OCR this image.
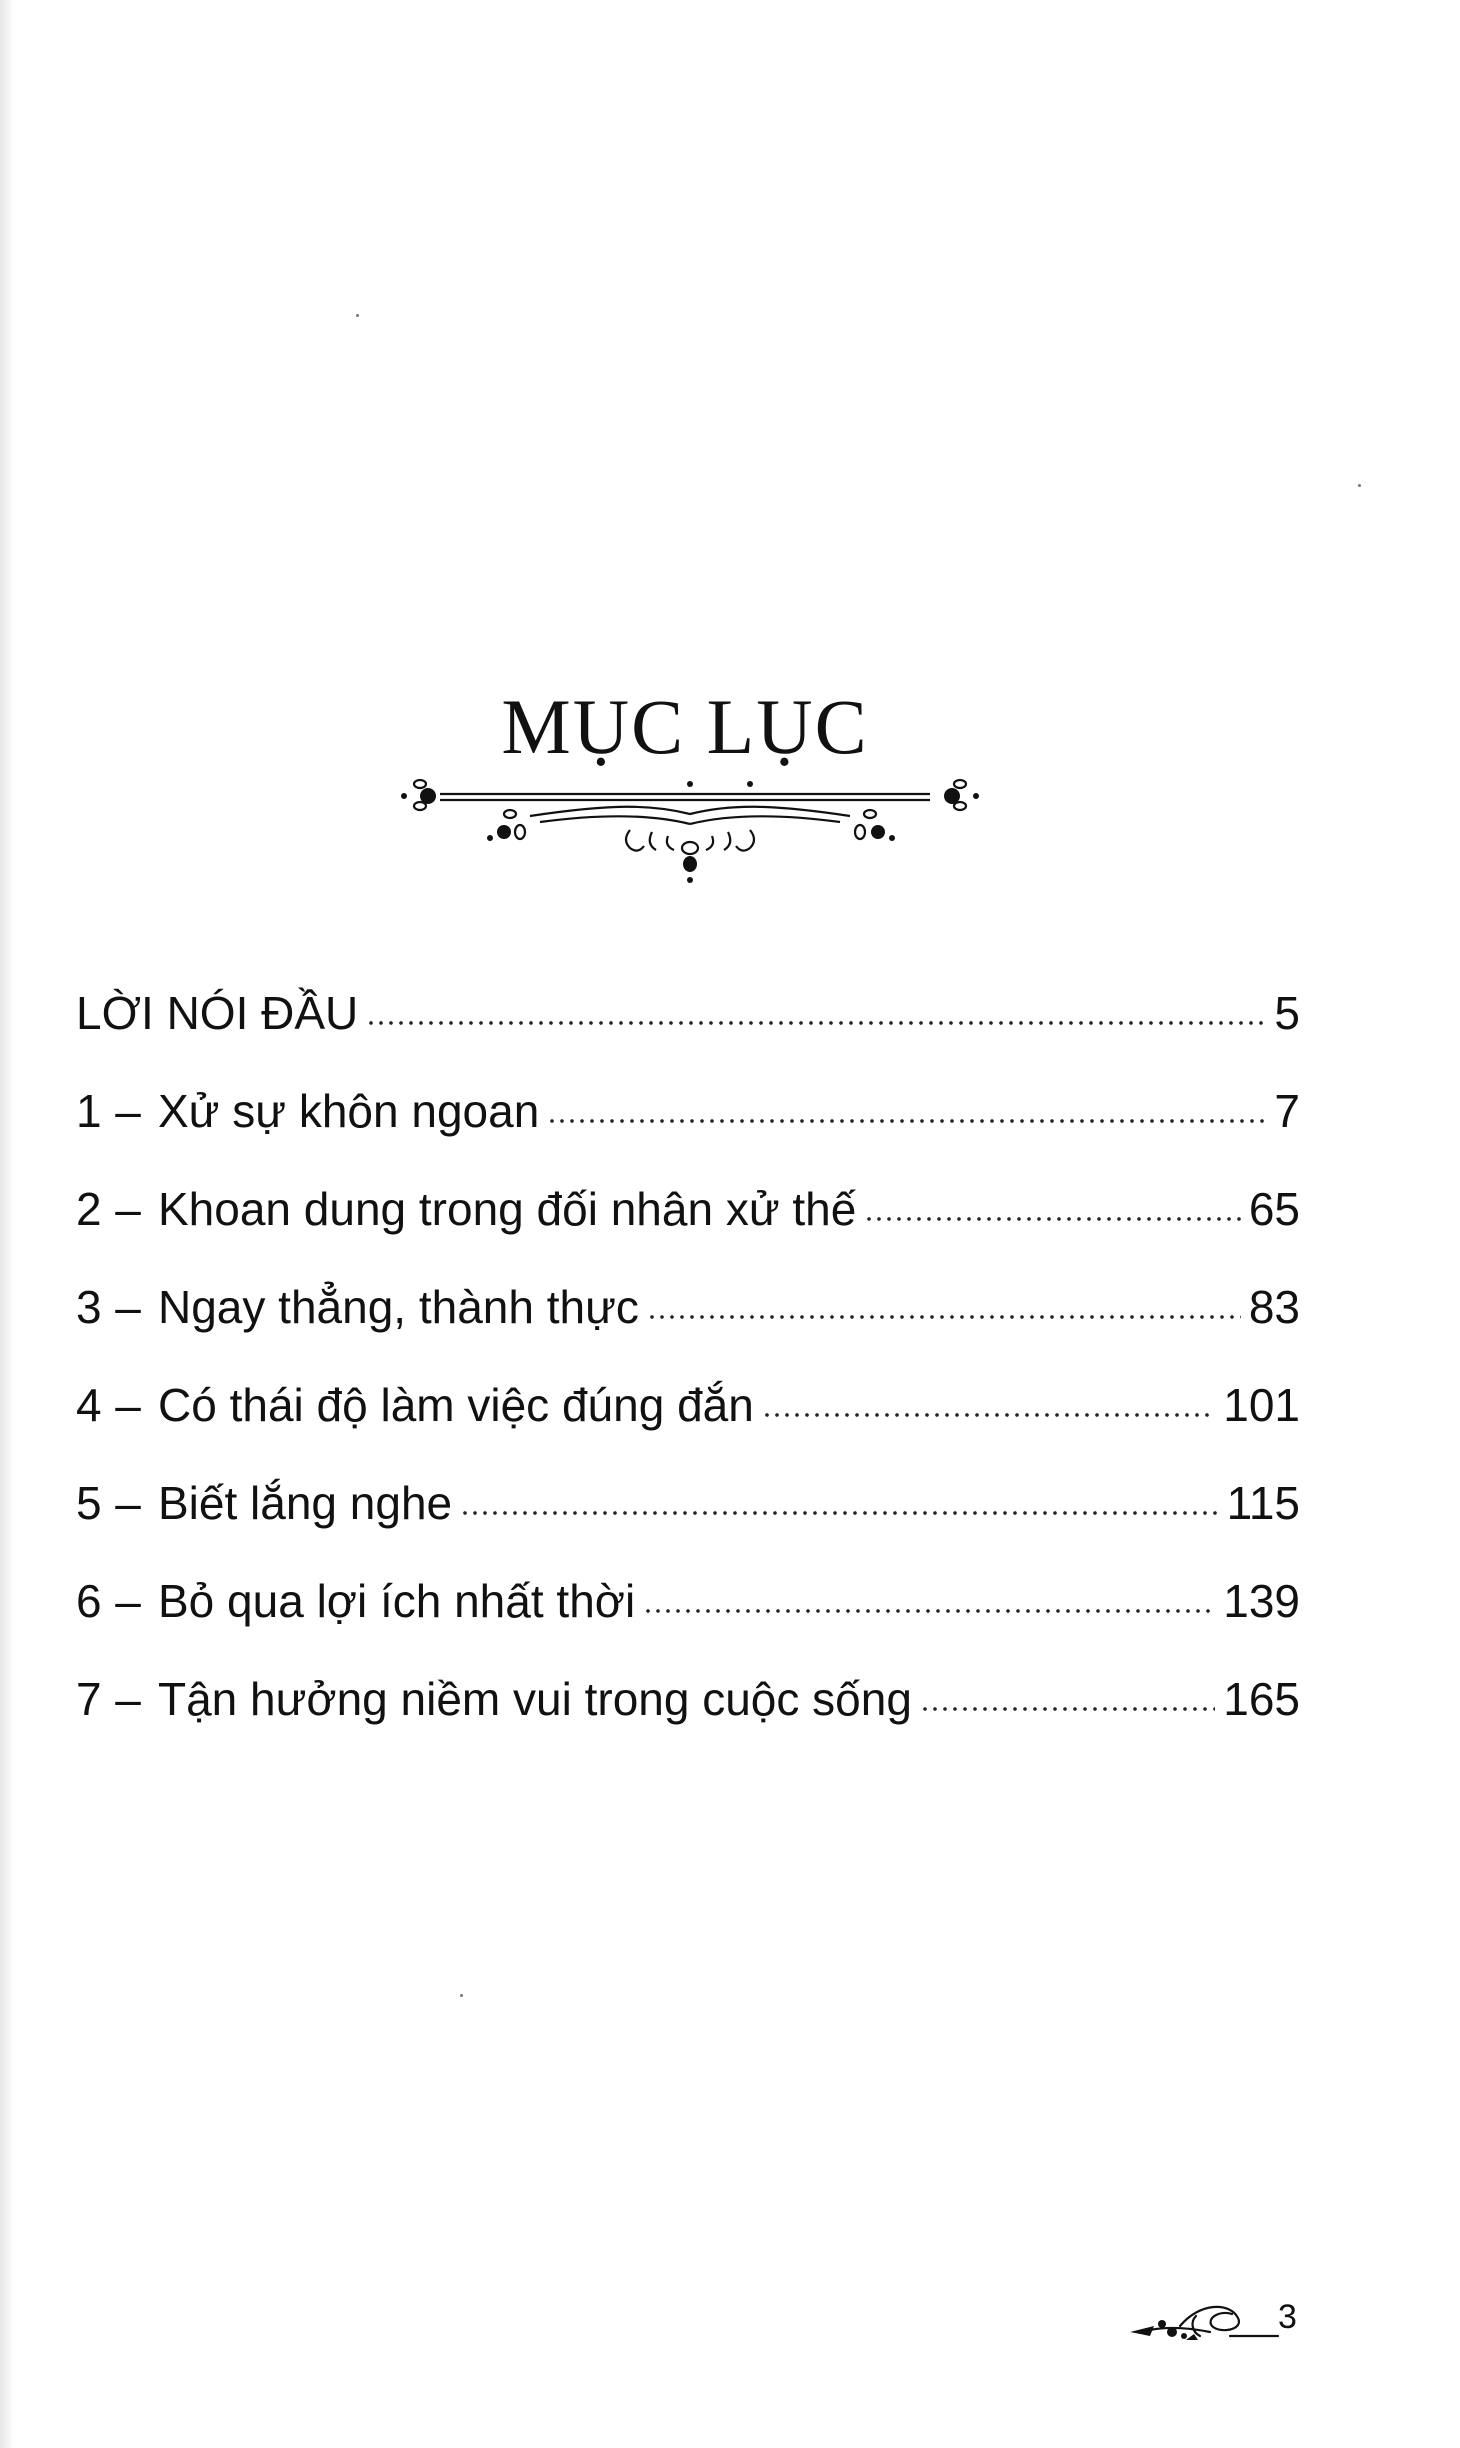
MỤC LỤC
LỜI NÓI ĐẦU	5
1 – Xử sự khôn ngoan	7
2 – Khoan dung trong đối nhân xử thế	65
3 – Ngay thẳng, thành thực	83
4 – Có thái độ làm việc đúng đắn	101
5 – Biết lắng nghe	115
6 – Bỏ qua lợi ích nhất thời	139
7 – Tận hưởng niềm vui trong cuộc sống	165
3
